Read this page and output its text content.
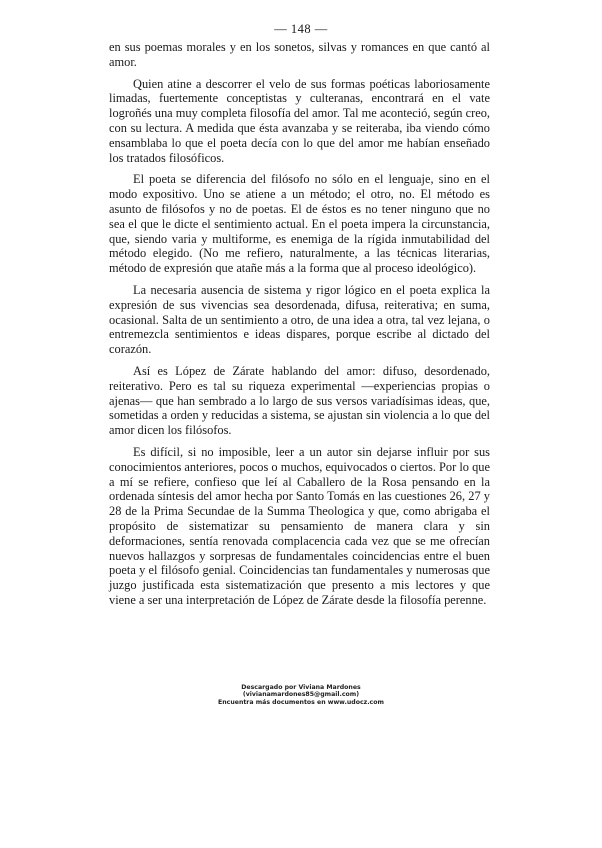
— 148 —

en sus poemas morales y en los sonetos, silvas y romances en que cantó al amor.

Quien atine a descorrer el velo de sus formas poéticas laboriosamente limadas, fuertemente conceptistas y culteranas, encontrará en el vate logroñés una muy completa filosofía del amor. Tal me aconteció, según creo, con su lectura. A medida que ésta avanzaba y se reiteraba, iba viendo cómo ensamblaba lo que el poeta decía con lo que del amor me habían enseñado los tratados filosóficos.

El poeta se diferencia del filósofo no sólo en el lenguaje, sino en el modo expositivo. Uno se atiene a un método; el otro, no. El método es asunto de filósofos y no de poetas. El de éstos es no tener ninguno que no sea el que le dicte el sentimiento actual. En el poeta impera la circunstancia, que, siendo varia y multiforme, es enemiga de la rígida inmutabilidad del método elegido. (No me refiero, naturalmente, a las técnicas literarias, método de expresión que atañe más a la forma que al proceso ideológico).

La necesaria ausencia de sistema y rigor lógico en el poeta explica la expresión de sus vivencias sea desordenada, difusa, reiterativa; en suma, ocasional. Salta de un sentimiento a otro, de una idea a otra, tal vez lejana, o entremezcla sentimientos e ideas dispares, porque escribe al dictado del corazón.

Así es López de Zárate hablando del amor: difuso, desordenado, reiterativo. Pero es tal su riqueza experimental —experiencias propias o ajenas— que han sembrado a lo largo de sus versos variadísimas ideas, que, sometidas a orden y reducidas a sistema, se ajustan sin violencia a lo que del amor dicen los filósofos.

Es difícil, si no imposible, leer a un autor sin dejarse influir por sus conocimientos anteriores, pocos o muchos, equivocados o ciertos. Por lo que a mí se refiere, confieso que leí al Caballero de la Rosa pensando en la ordenada síntesis del amor hecha por Santo Tomás en las cuestiones 26, 27 y 28 de la Prima Secundae de la Summa Theologica y que, como abrigaba el propósito de sistematizar su pensamiento de manera clara y sin deformaciones, sentía renovada complacencia cada vez que se me ofrecían nuevos hallazgos y sorpresas de fundamentales coincidencias entre el buen poeta y el filósofo genial. Coincidencias tan fundamentales y numerosas que juzgo justificada esta sistematización que presento a mis lectores y que viene a ser una interpretación de López de Zárate desde la filosofía perenne.

Descargado por Viviana Mardones
(vivianamardones85@gmail.com)
Encuentra más documentos en www.udocz.com
